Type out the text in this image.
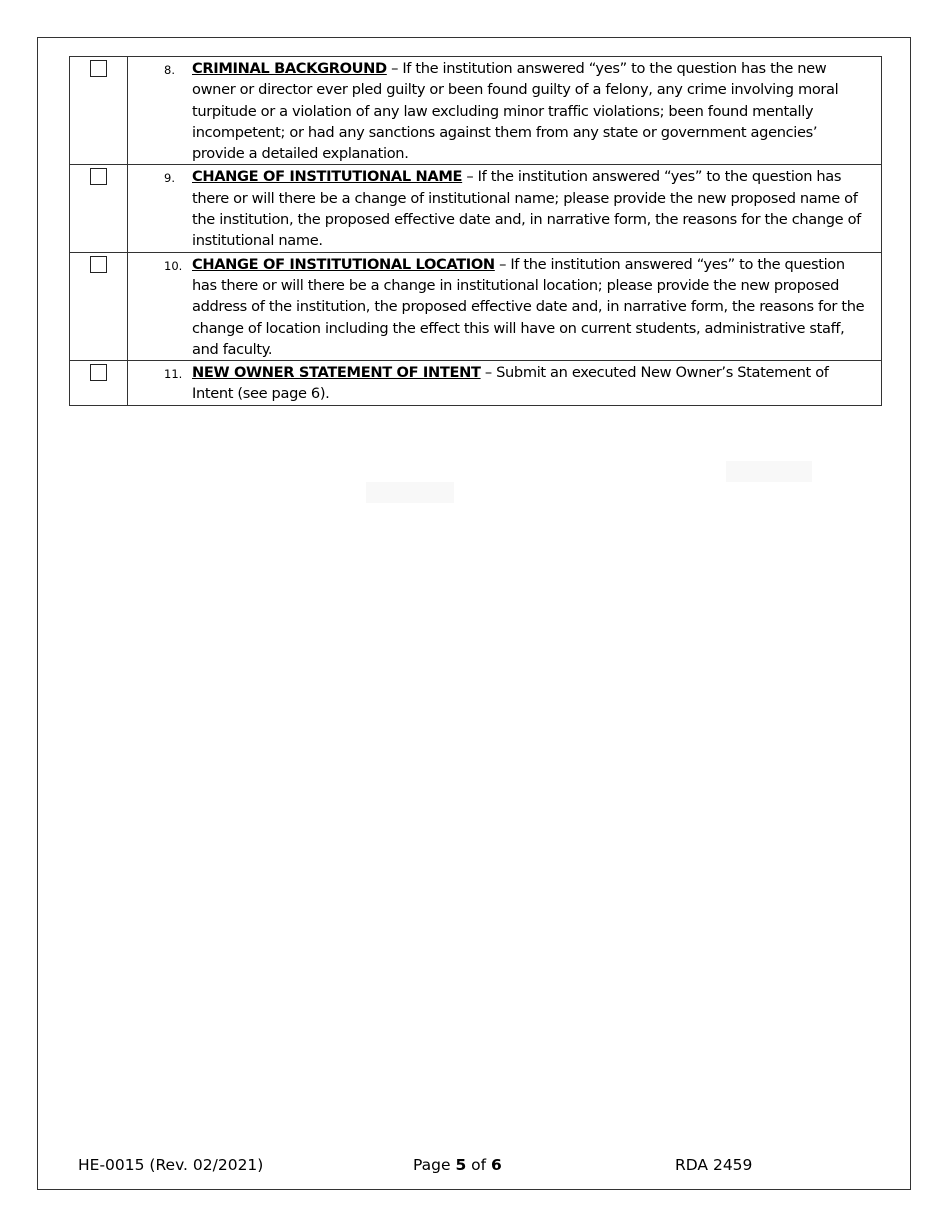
	8. CRIMINAL BACKGROUND – If the institution answered “yes” to the question has the new owner or director ever pled guilty or been found guilty of a felony, any crime involving moral turpitude or a violation of any law excluding minor traffic violations; been found mentally incompetent; or had any sanctions against them from any state or government agencies’ provide a detailed explanation.

	9. CHANGE OF INSTITUTIONAL NAME – If the institution answered “yes” to the question has there or will there be a change of institutional name; please provide the new proposed name of the institution, the proposed effective date and, in narrative form, the reasons for the change of institutional name.

	10. CHANGE OF INSTITUTIONAL LOCATION – If the institution answered “yes” to the question has there or will there be a change in institutional location; please provide the new proposed address of the institution, the proposed effective date and, in narrative form, the reasons for the change of location including the effect this will have on current students, administrative staff, and faculty.

	11. NEW OWNER STATEMENT OF INTENT – Submit an executed New Owner’s Statement of Intent (see page 6).
HE-0015 (Rev. 02/2021)	Page 5 of 6	RDA 2459
